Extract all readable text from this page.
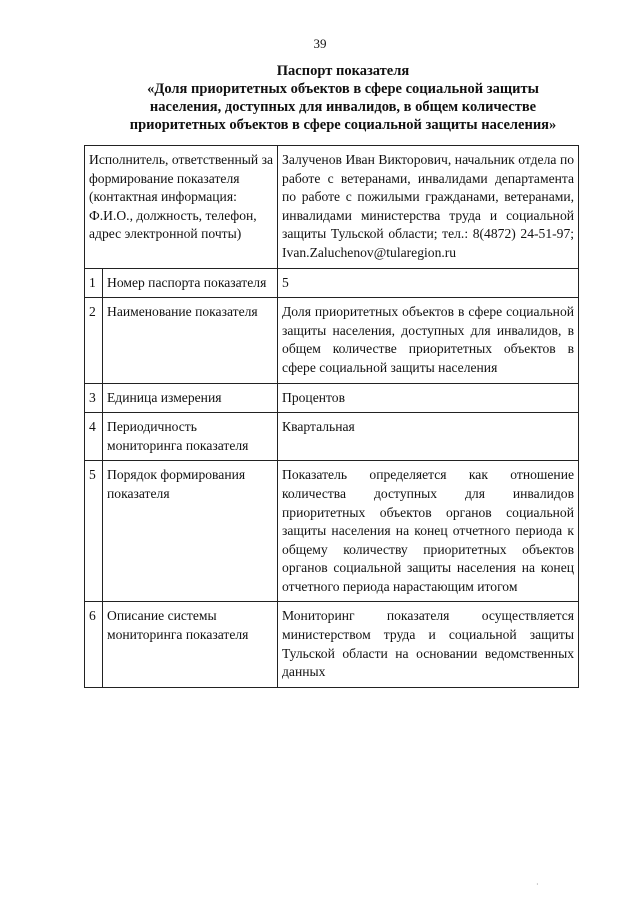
39
Паспорт показателя
«Доля приоритетных объектов в сфере социальной защиты
населения, доступных для инвалидов, в общем количестве
приоритетных объектов в сфере социальной защиты населения»
Исполнитель, ответственный за формирование показателя (контактная информация: Ф.И.О., должность, телефон, адрес электронной почты)		Залученов Иван Викторович, начальник отдела по работе с ветеранами, инвалидами департамента по работе с пожилыми гражданами, ветеранами, инвалидами министерства труда и социальной защиты Тульской области; тел.: 8(4872) 24-51-97; Ivan.Zaluchenov@tularegion.ru
1	Номер паспорта показателя	5
2	Наименование показателя	Доля приоритетных объектов в сфере социальной защиты населения, доступных для инвалидов, в общем количестве приоритетных объектов в сфере социальной защиты населения
3	Единица измерения	Процентов
4	Периодичность мониторинга показателя	Квартальная
5	Порядок формирования показателя	Показатель определяется как отношение количества доступных для инвалидов приоритетных объектов органов социальной защиты населения на конец отчетного периода к общему количеству приоритетных объектов органов социальной защиты населения на конец отчетного периода нарастающим итогом
6	Описание системы мониторинга показателя	Мониторинг показателя осуществляется министерством труда и социальной защиты Тульской области на основании ведомственных данных
·
